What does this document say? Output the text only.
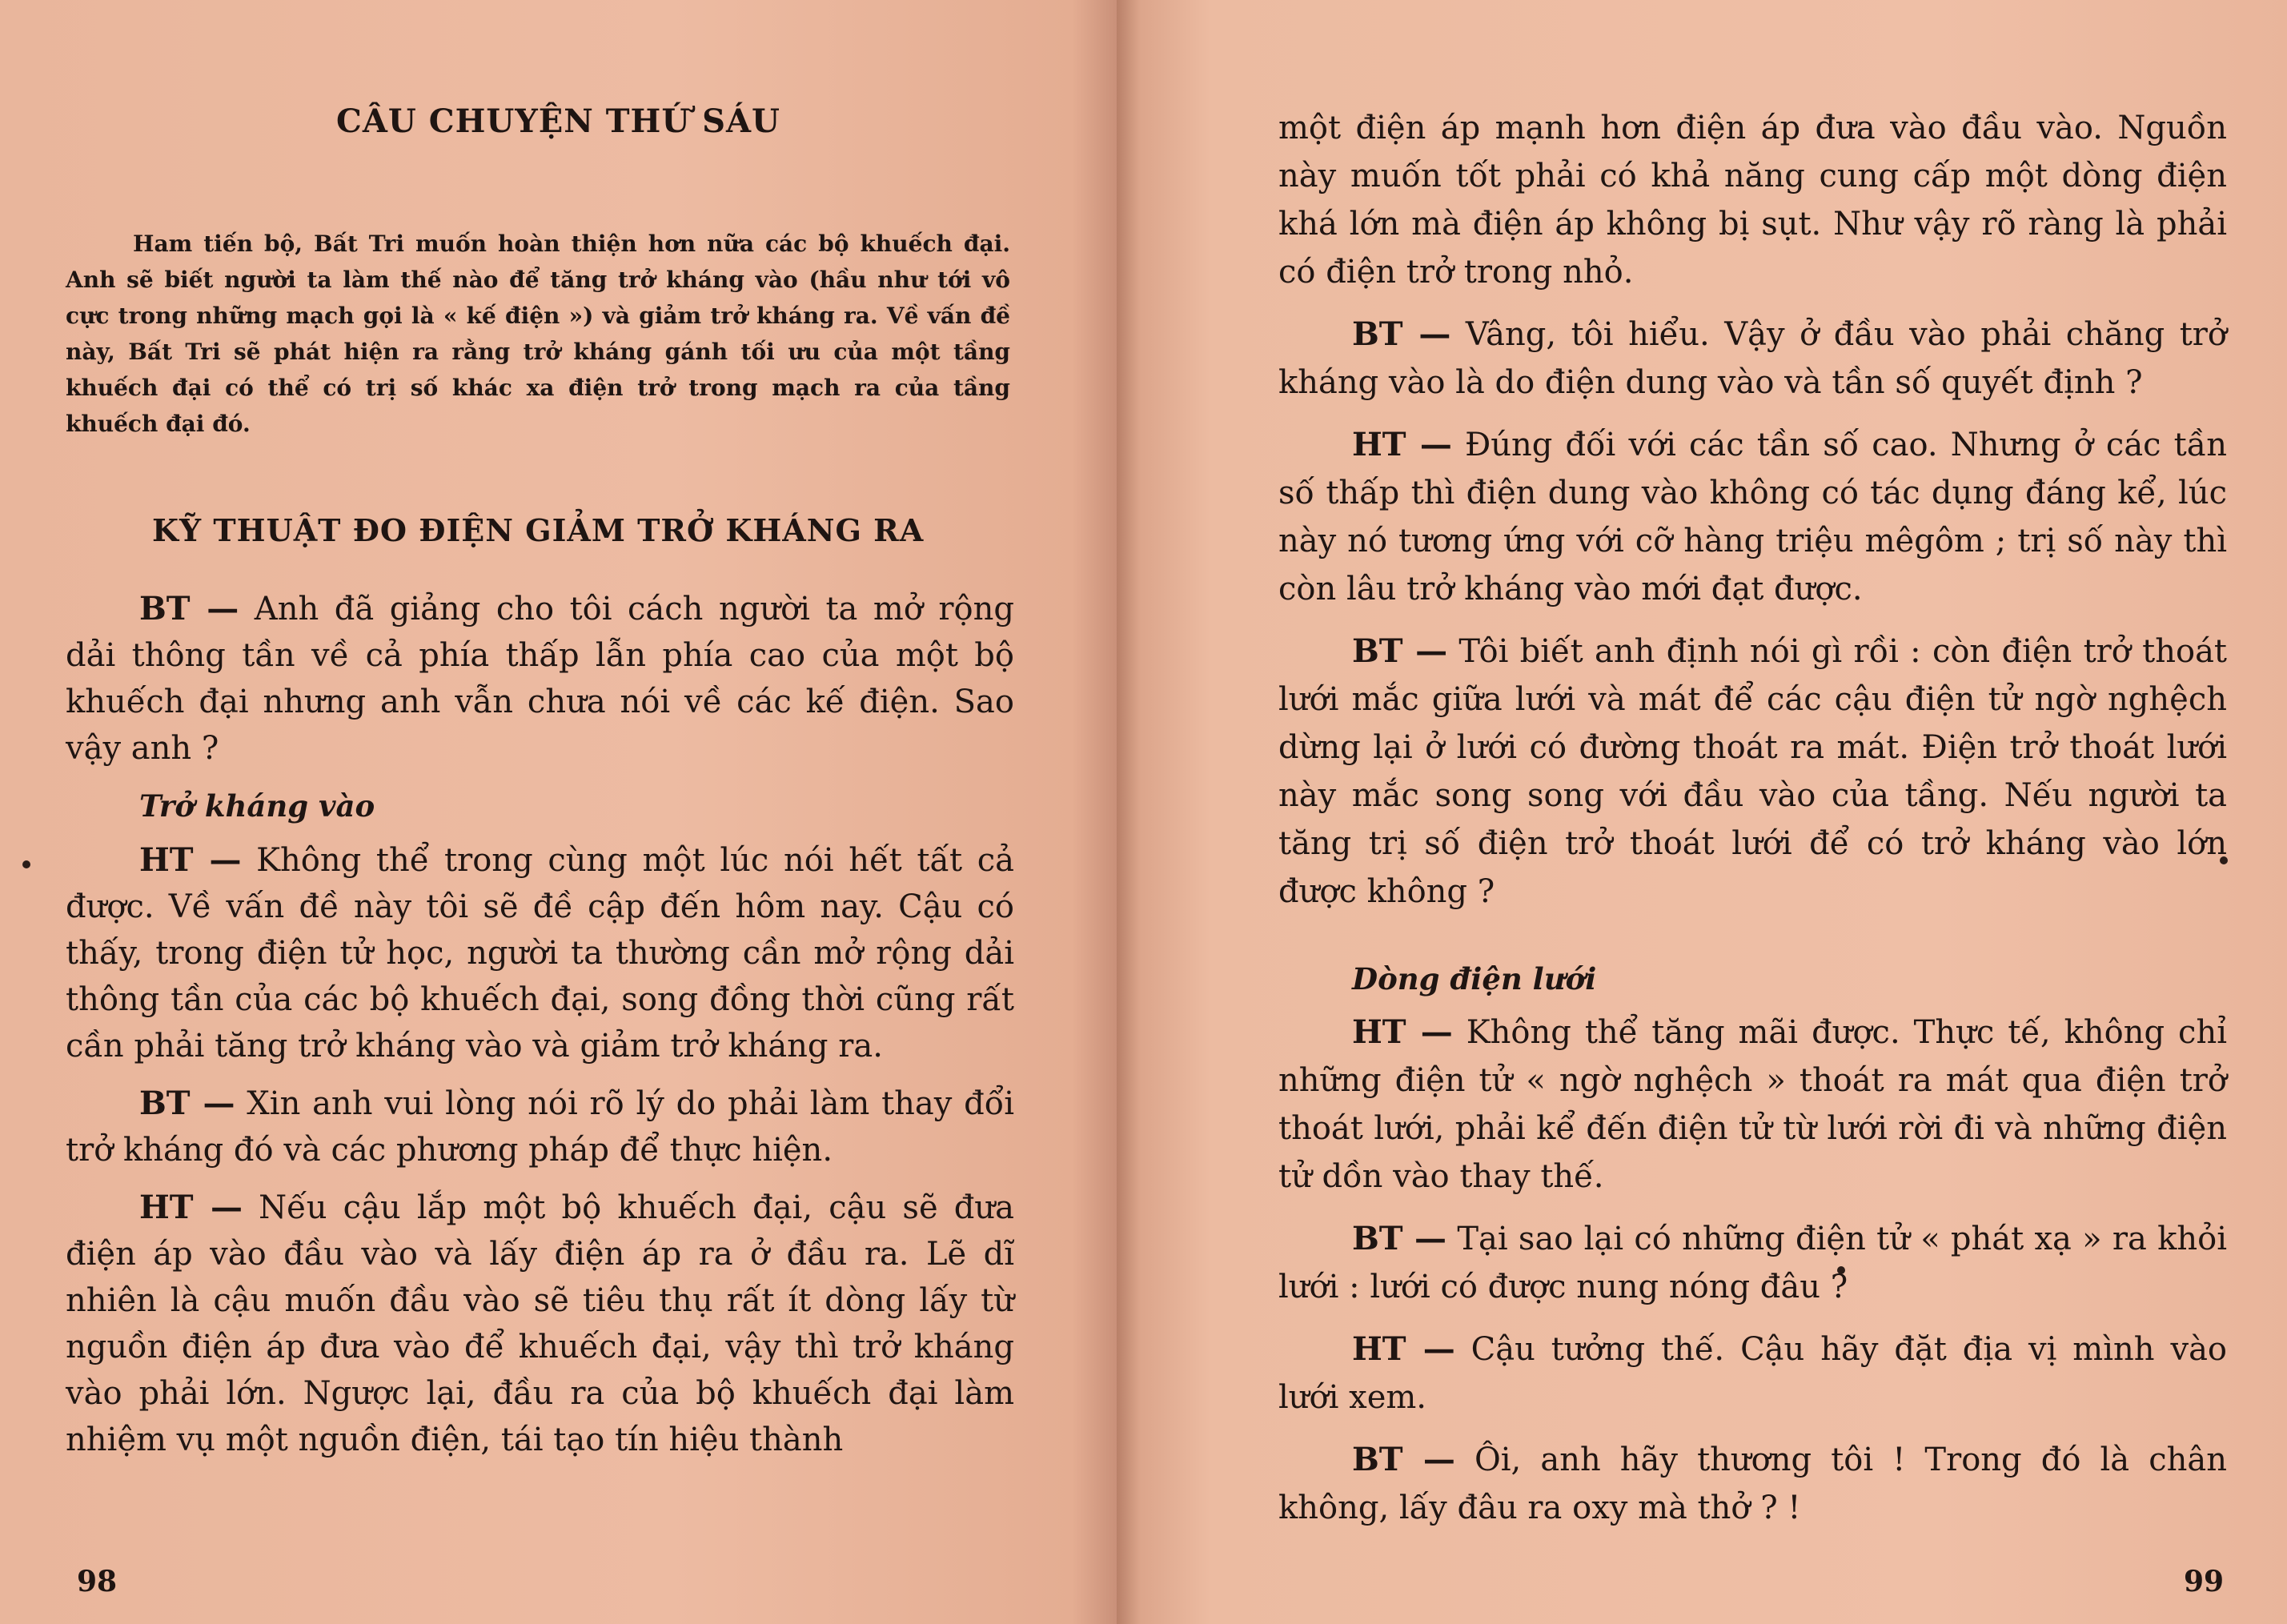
CÂU CHUYỆN THỨ SÁU

Ham tiến bộ, Bất Tri muốn hoàn thiện hơn nữa các bộ khuếch đại. Anh sẽ biết người ta làm thế nào để tăng trở kháng vào (hầu như tới vô cực trong những mạch gọi là « kế điện ») và giảm trở kháng ra. Về vấn đề này, Bất Tri sẽ phát hiện ra rằng trở kháng gánh tối ưu của một tầng khuếch đại có thể có trị số khác xa điện trở trong mạch ra của tầng khuếch đại đó.

KỸ THUẬT ĐO ĐIỆN GIẢM TRỞ KHÁNG RA

BT — Anh đã giảng cho tôi cách người ta mở rộng dải thông tần về cả phía thấp lẫn phía cao của một bộ khuếch đại nhưng anh vẫn chưa nói về các kế điện. Sao vậy anh ?

Trở kháng vào

HT — Không thể trong cùng một lúc nói hết tất cả được. Về vấn đề này tôi sẽ đề cập đến hôm nay. Cậu có thấy, trong điện tử học, người ta thường cần mở rộng dải thông tần của các bộ khuếch đại, song đồng thời cũng rất cần phải tăng trở kháng vào và giảm trở kháng ra.

BT — Xin anh vui lòng nói rõ lý do phải làm thay đổi trở kháng đó và các phương pháp để thực hiện.

HT — Nếu cậu lắp một bộ khuếch đại, cậu sẽ đưa điện áp vào đầu vào và lấy điện áp ra ở đầu ra. Lẽ dĩ nhiên là cậu muốn đầu vào sẽ tiêu thụ rất ít dòng lấy từ nguồn điện áp đưa vào để khuếch đại, vậy thì trở kháng vào phải lớn. Ngược lại, đầu ra của bộ khuếch đại làm nhiệm vụ một nguồn điện, tái tạo tín hiệu thành

98	99

một điện áp mạnh hơn điện áp đưa vào đầu vào. Nguồn này muốn tốt phải có khả năng cung cấp một dòng điện khá lớn mà điện áp không bị sụt. Như vậy rõ ràng là phải có điện trở trong nhỏ.

BT — Vâng, tôi hiểu. Vậy ở đầu vào phải chăng trở kháng vào là do điện dung vào và tần số quyết định ?

HT — Đúng đối với các tần số cao. Nhưng ở các tần số thấp thì điện dung vào không có tác dụng đáng kể, lúc này nó tương ứng với cỡ hàng triệu mêgôm ; trị số này thì còn lâu trở kháng vào mới đạt được.

BT — Tôi biết anh định nói gì rồi : còn điện trở thoát lưới mắc giữa lưới và mát để các cậu điện tử ngờ nghệch dừng lại ở lưới có đường thoát ra mát. Điện trở thoát lưới này mắc song song với đầu vào của tầng. Nếu người ta tăng trị số điện trở thoát lưới để có trở kháng vào lớn được không ?

Dòng điện lưới

HT — Không thể tăng mãi được. Thực tế, không chỉ những điện tử « ngờ nghệch » thoát ra mát qua điện trở thoát lưới, phải kể đến điện tử từ lưới rời đi và những điện tử dồn vào thay thế.

BT — Tại sao lại có những điện tử « phát xạ » ra khỏi lưới : lưới có được nung nóng đâu ?

HT — Cậu tưởng thế. Cậu hãy đặt địa vị mình vào lưới xem.

BT — Ôi, anh hãy thương tôi ! Trong đó là chân không, lấy đâu ra oxy mà thở ? !
